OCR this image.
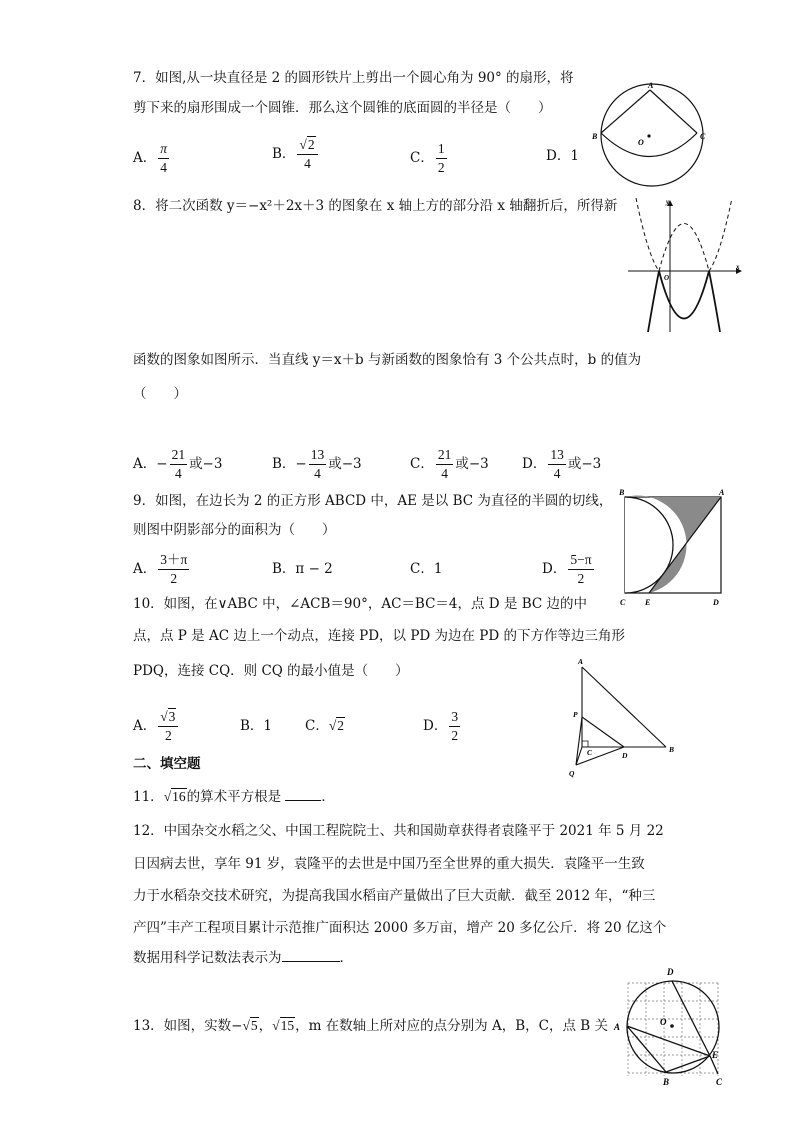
7．如图,从一块直径是 2 的圆形铁片上剪出一个圆心角为 90° 的扇形，将
剪下来的扇形围成一个圆锥．那么这个圆锥的底面圆的半径是（　　）
A． $\frac{\pi}{4}$	B． $\frac{√2}{4}$	C． $\frac{1}{2}$	D．1
A
B	C
O
8．将二次函数 y＝−x²＋2x＋3 的图象在 x 轴上方的部分沿 x 轴翻折后，所得新
函数的图象如图所示．当直线 y＝x＋b 与新函数的图象恰有 3 个公共点时，b 的值为
（　　）
y
x
O
A．− $\frac{21}{4}$ 或−3	B．− $\frac{13}{4}$ 或−3	C． $\frac{21}{4}$ 或−3 D． $\frac{13}{4}$ 或−3
9．如图，在边长为 2 的正方形 ABCD 中，AE 是以 BC 为直径的半圆的切线，
则图中阴影部分的面积为（　　）
B	A
C E	D
A． $\frac{3+\pi}{2}$	B．π − 2	C．1	D． $\frac{5-\pi}{2}$
10．如图，在∨ABC 中，∠ACB＝90°，AC＝BC＝4，点 D 是 BC 边的中
点，点 P 是 AC 边上一个动点，连接 PD，以 PD 为边在 PD 的下方作等边三角形
PDQ，连接 CQ．则 CQ 的最小值是（　　）
A． $\frac{√3}{2}$	B．1 C．√2	D． $\frac{3}{2}$
A
P
C	D
B
Q
二、填空题
11．√16的算术平方根是	．
12．中国杂交水稻之父、中国工程院院士、共和国勋章获得者袁隆平于 2021 年 5 月 22
日因病去世，享年 91 岁，袁隆平的去世是中国乃至全世界的重大损失．袁隆平一生致
力于水稻杂交技术研究，为提高我国水稻亩产量做出了巨大贡献．截至 2012 年，“种三
产四”丰产工程项目累计示范推广面积达 2000 多万亩，增产 20 多亿公斤．将 20 亿这个
数据用科学记数法表示为	．
13．如图，实数−√5，√15，m 在数轴上所对应的点分别为 A，B，C，点 B 关
D
A	O
E
B	C
